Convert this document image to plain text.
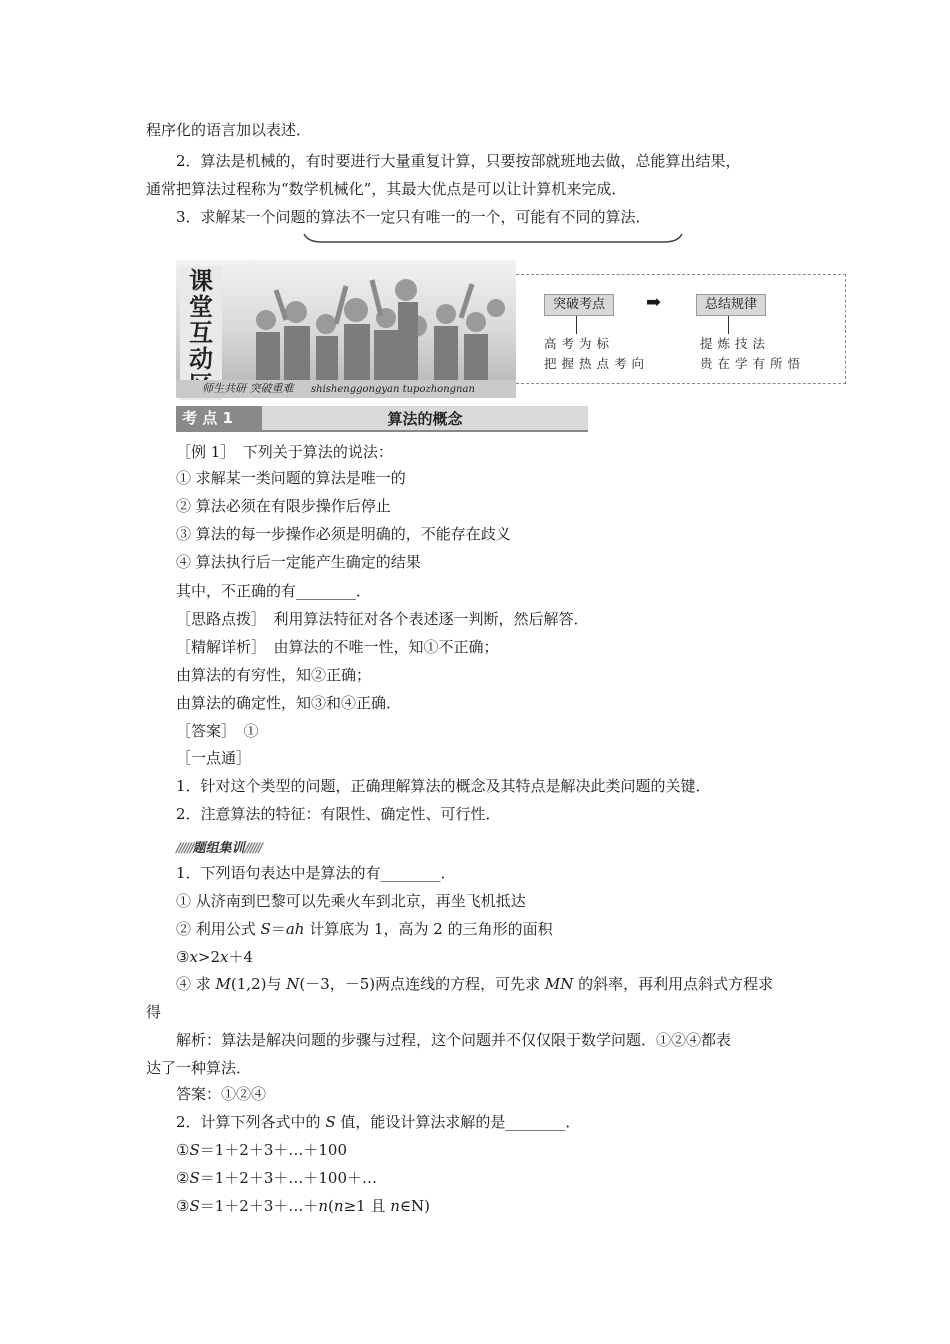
程序化的语言加以表述．
2．算法是机械的，有时要进行大量重复计算，只要按部就班地去做，总能算出结果，
通常把算法过程称为“数学机械化”，其最大优点是可以让计算机来完成．
3．求解某一个问题的算法不一定只有唯一的一个，可能有不同的算法．
课堂互动
师生共研 突破重难 shishenggongyan tupozhongnan
突破考点	➡	总结规律
高考为标
把握热点考向
提炼技法
贵在学有所悟
考 点 1	算法的概念
［例 1］　下列关于算法的说法：
① 求解某一类问题的算法是唯一的
② 算法必须在有限步操作后停止
③ 算法的每一步操作必须是明确的，不能存在歧义
④ 算法执行后一定能产生确定的结果
其中，不正确的有________．
［思路点拨］　利用算法特征对各个表述逐一判断，然后解答．
［精解详析］　由算法的不唯一性，知①不正确；
由算法的有穷性，知②正确；
由算法的确定性，知③和④正确．
［答案］　①
［一点通］
1．针对这个类型的问题，正确理解算法的概念及其特点是解决此类问题的关键．
2．注意算法的特征：有限性、确定性、可行性．
//////题组集训//////
1．下列语句表达中是算法的有________．
① 从济南到巴黎可以先乘火车到北京，再坐飞机抵达
② 利用公式 S＝ah 计算底为 1，高为 2 的三角形的面积
③x>2x＋4
④ 求 M(1,2)与 N(－3，－5)两点连线的方程，可先求 MN 的斜率，再利用点斜式方程求
得
解析：算法是解决问题的步骤与过程，这个问题并不仅仅限于数学问题．①②④都表
达了一种算法．
答案：①②④
2．计算下列各式中的 S 值，能设计算法求解的是________．
①S＝1＋2＋3＋…＋100
②S＝1＋2＋3＋…＋100＋…
③S＝1＋2＋3＋…＋n(n≥1 且 n∈N)
